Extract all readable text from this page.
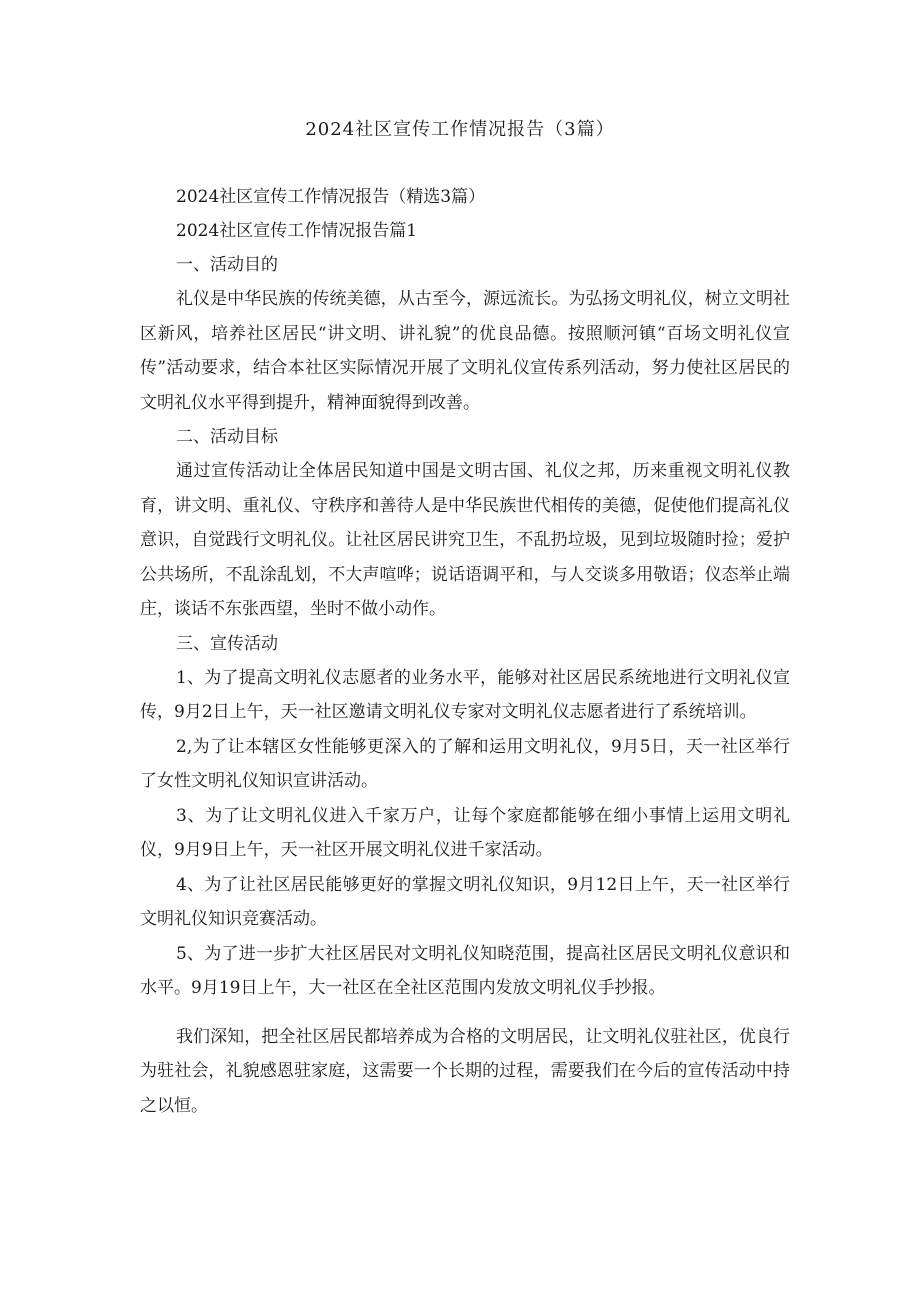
2024社区宣传工作情况报告（3篇）

2024社区宣传工作情况报告（精选3篇）

2024社区宣传工作情况报告篇1

一、活动目的

礼仪是中华民族的传统美德，从古至今，源远流长。为弘扬文明礼仪，树立文明社区新风，培养社区居民“讲文明、讲礼貌”的优良品德。按照顺河镇“百场文明礼仪宣传”活动要求，结合本社区实际情况开展了文明礼仪宣传系列活动，努力使社区居民的文明礼仪水平得到提升，精神面貌得到改善。

二、活动目标

通过宣传活动让全体居民知道中国是文明古国、礼仪之邦，历来重视文明礼仪教育，讲文明、重礼仪、守秩序和善待人是中华民族世代相传的美德，促使他们提高礼仪意识，自觉践行文明礼仪。让社区居民讲究卫生，不乱扔垃圾，见到垃圾随时捡；爱护公共场所，不乱涂乱划，不大声喧哗；说话语调平和，与人交谈多用敬语；仪态举止端庄，谈话不东张西望，坐时不做小动作。

三、宣传活动

1、为了提高文明礼仪志愿者的业务水平，能够对社区居民系统地进行文明礼仪宣传，9月2日上午，天一社区邀请文明礼仪专家对文明礼仪志愿者进行了系统培训。

2,为了让本辖区女性能够更深入的了解和运用文明礼仪，9月5日，天一社区举行了女性文明礼仪知识宣讲活动。

3、为了让文明礼仪进入千家万户，让每个家庭都能够在细小事情上运用文明礼仪，9月9日上午，天一社区开展文明礼仪进千家活动。

4、为了让社区居民能够更好的掌握文明礼仪知识，9月12日上午，天一社区举行文明礼仪知识竞赛活动。

5、为了进一步扩大社区居民对文明礼仪知晓范围，提高社区居民文明礼仪意识和水平。9月19日上午，大一社区在全社区范围内发放文明礼仪手抄报。

我们深知，把全社区居民都培养成为合格的文明居民，让文明礼仪驻社区，优良行为驻社会，礼貌感恩驻家庭，这需要一个长期的过程，需要我们在今后的宣传活动中持之以恒。
